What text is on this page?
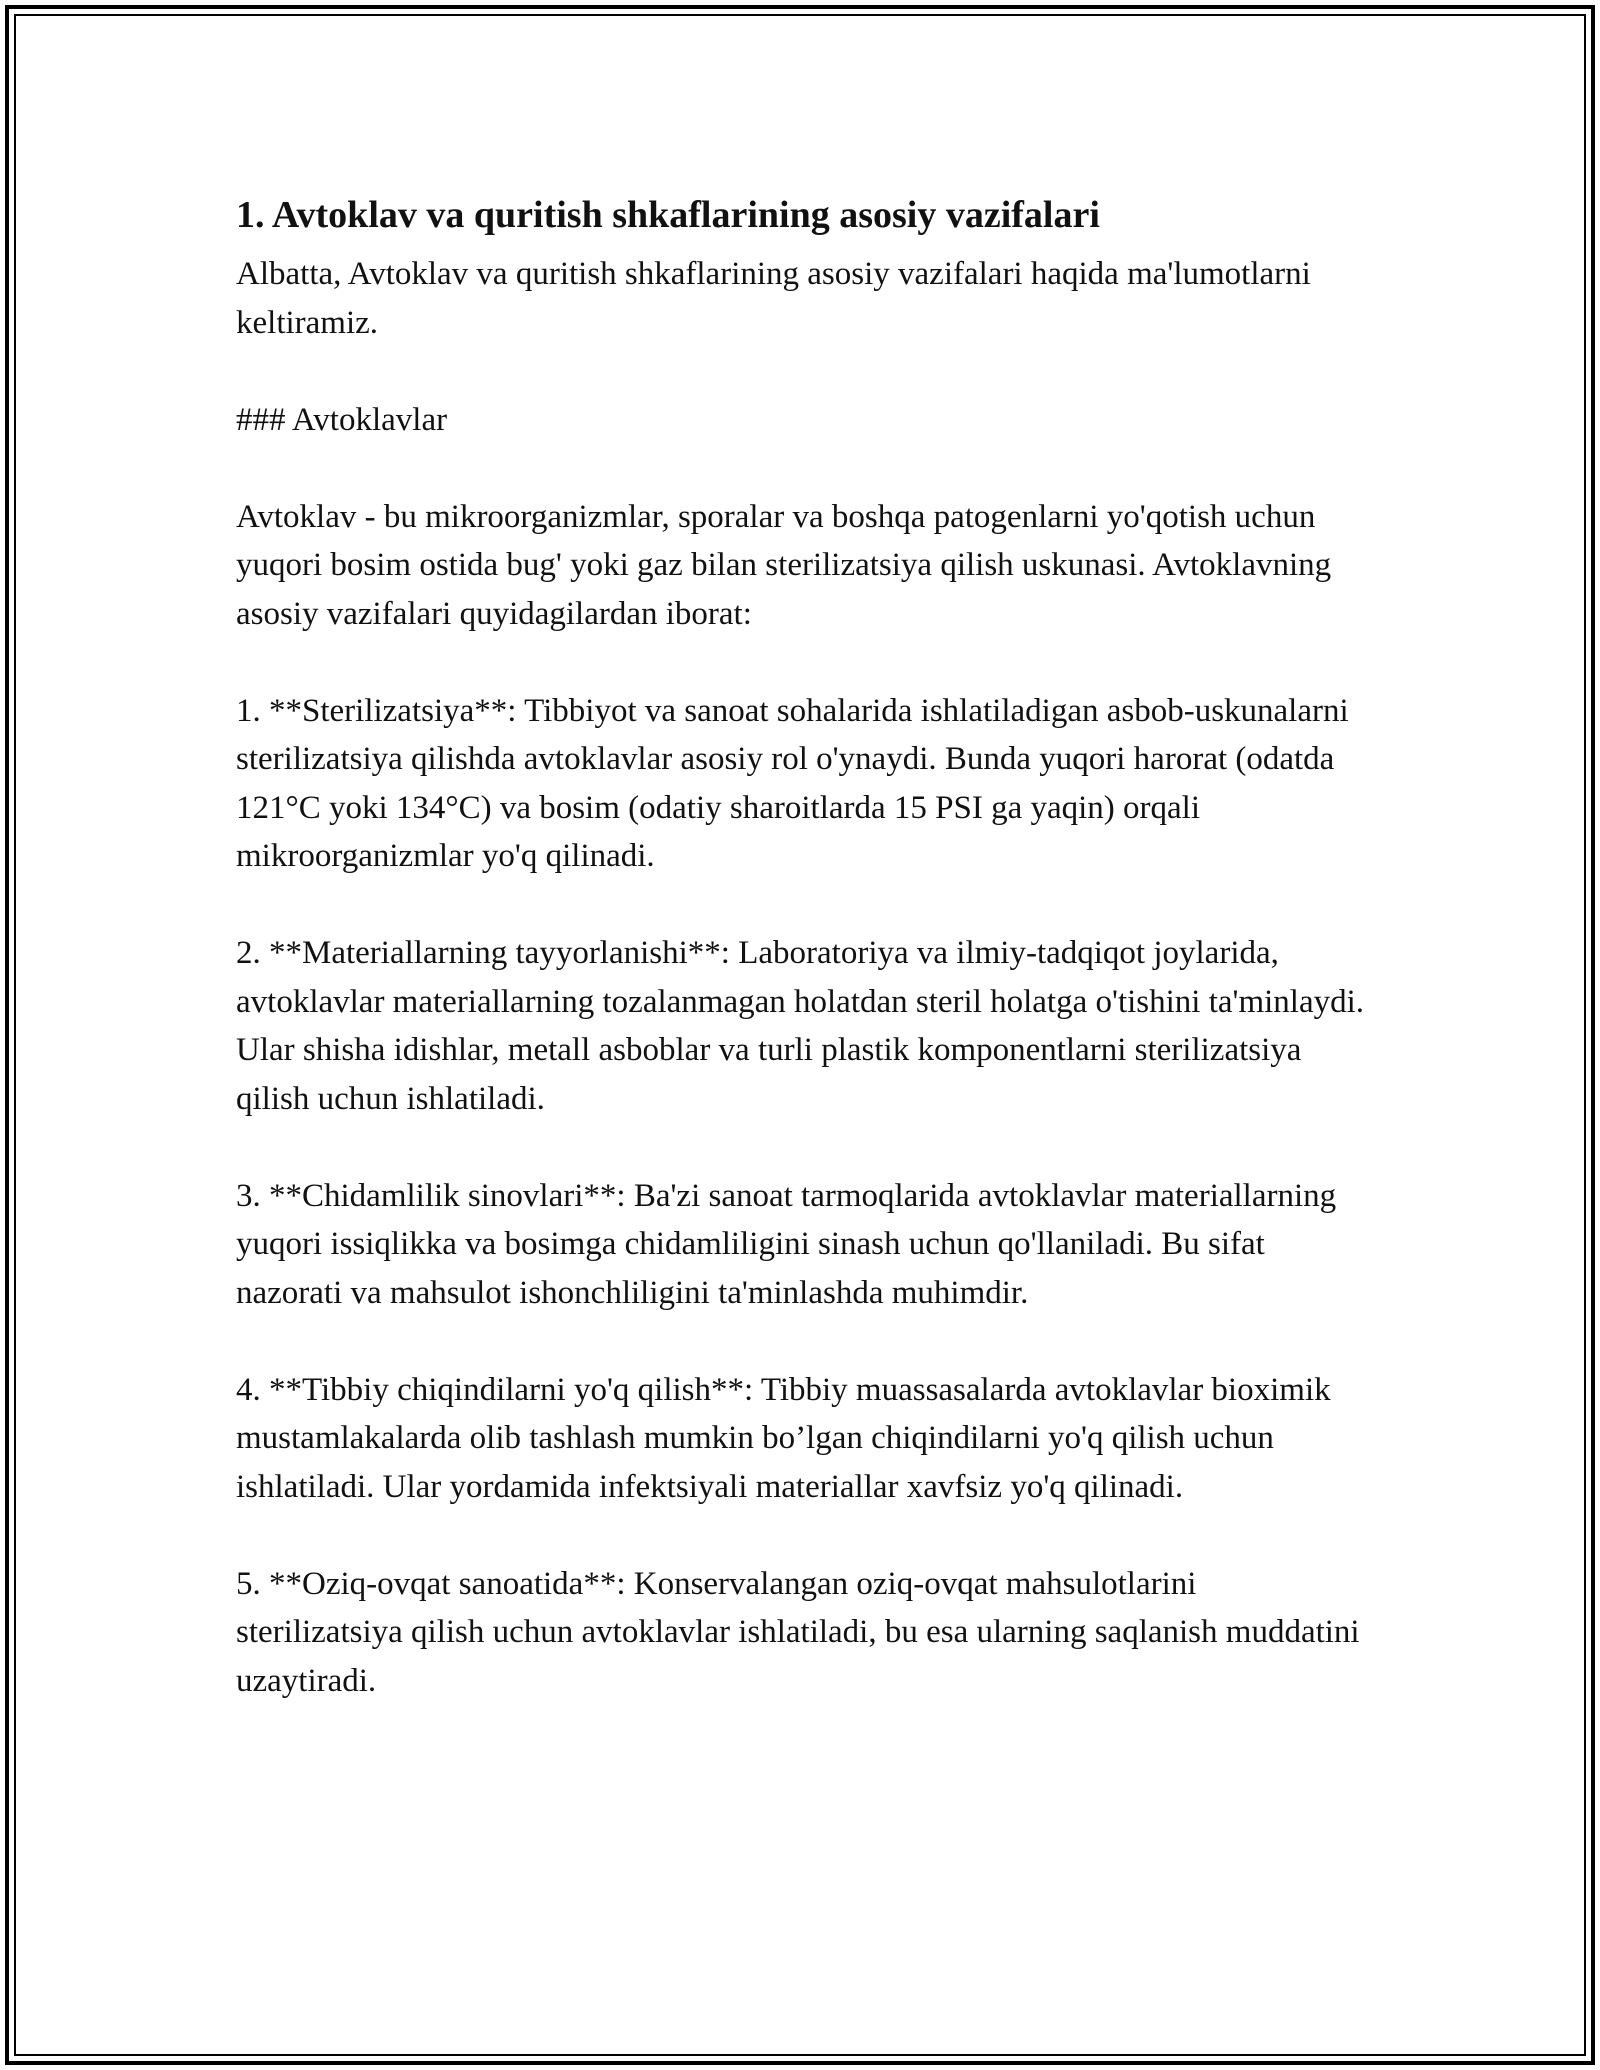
1. Avtoklav va quritish shkaflarining asosiy vazifalari

Albatta, Avtoklav va quritish shkaflarining asosiy vazifalari haqida ma'lumotlarni keltiramiz.

### Avtoklavlar

Avtoklav - bu mikroorganizmlar, sporalar va boshqa patogenlarni yo'qotish uchun yuqori bosim ostida bug' yoki gaz bilan sterilizatsiya qilish uskunasi. Avtoklavning asosiy vazifalari quyidagilardan iborat:

1. **Sterilizatsiya**: Tibbiyot va sanoat sohalarida ishlatiladigan asbob-uskunalarni sterilizatsiya qilishda avtoklavlar asosiy rol o'ynaydi. Bunda yuqori harorat (odatda 121°C yoki 134°C) va bosim (odatiy sharoitlarda 15 PSI ga yaqin) orqali mikroorganizmlar yo'q qilinadi.

2. **Materiallarning tayyorlanishi**: Laboratoriya va ilmiy-tadqiqot joylarida, avtoklavlar materiallarning tozalanmagan holatdan steril holatga o'tishini ta'minlaydi. Ular shisha idishlar, metall asboblar va turli plastik komponentlarni sterilizatsiya qilish uchun ishlatiladi.

3. **Chidamlilik sinovlari**: Ba'zi sanoat tarmoqlarida avtoklavlar materiallarning yuqori issiqlikka va bosimga chidamliligini sinash uchun qo'llaniladi. Bu sifat nazorati va mahsulot ishonchliligini ta'minlashda muhimdir.

4. **Tibbiy chiqindilarni yo'q qilish**: Tibbiy muassasalarda avtoklavlar bioximik mustamlakalarda olib tashlash mumkin bo’lgan chiqindilarni yo'q qilish uchun ishlatiladi. Ular yordamida infektsiyali materiallar xavfsiz yo'q qilinadi.

5. **Oziq-ovqat sanoatida**: Konservalangan oziq-ovqat mahsulotlarini sterilizatsiya qilish uchun avtoklavlar ishlatiladi, bu esa ularning saqlanish muddatini uzaytiradi.
